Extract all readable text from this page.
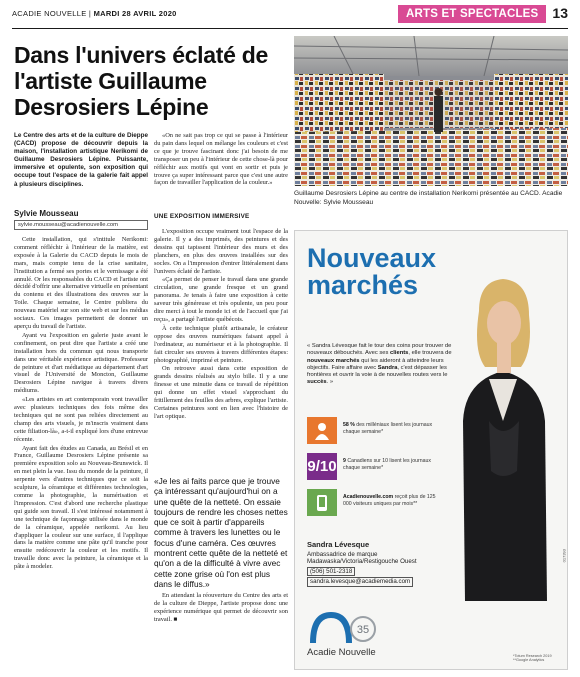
ACADIE NOUVELLE | MARDI 28 AVRIL 2020	ARTS ET SPECTACLES 13
Dans l'univers éclaté de l'artiste Guillaume Desrosiers Lépine
Guillaume Desrosiers Lépine au centre de installation Nerikomi présentée au CACD. Acadie Nouvelle: Sylvie Mousseau

Le Centre des arts et de la culture de Dieppe (CACD) propose de découvrir depuis la maison, l'installation artistique Nerikomi de Guillaume Desrosiers Lépine. Puissante, immersive et opulente, son exposition qui occupe tout l'espace de la galerie fait appel à plusieurs disciplines.

Sylvie Mousseau
sylvie.mousseau@acadienouvelle.com

Cette installation, qui s'intitule Nerikomi: comment réfléchir à l'intérieur de la matière, est exposée à la Galerie du CACD depuis le mois de mars, mais compte tenu de la crise sanitaire, l'institution a fermé ses portes et le vernissage a été annulé. Or les responsables du CACD et l'artiste ont décidé d'offrir une alternative virtuelle en présentant du contenu et des illustrations des œuvres sur la Toile. Chaque semaine, le Centre publiera du nouveau matériel sur son site web et sur les médias sociaux. Ces images permettent de donner un aperçu du travail de l'artiste.

Ayant vu l'exposition en galerie juste avant le confinement, on peut dire que l'artiste a créé une installation hors du commun qui nous transporte dans une véritable expérience artistique. Professeur de peinture et d'art médiatique au département d'art visuel de l'Université de Moncton, Guillaume Desrosiers Lépine navigue à travers divers médiums.

«Les artistes en art contemporain vont travailler avec plusieurs techniques des fois même des techniques qui ne sont pas reliées directement au champ des arts visuels, je m'inscris vraiment dans cette filiation-là», a-t-il expliqué lors d'une entrevue récente.

Ayant fait des études au Canada, au Brésil et en France, Guillaume Desrosiers Lépine présente sa première exposition solo au Nouveau-Brunswick. Il en met plein la vue. Issu du monde de la peinture, il serpente vers d'autres techniques que ce soit la sculpture, la céramique et différentes technologies, comme la photographie, la numérisation et l'impression. C'est d'abord une recherche plastique qui guide son travail. Il s'est intéressé notamment à une technique de façonnage utilisée dans le monde de la céramique, appelée nerikomi. Au lieu d'appliquer la couleur sur une surface, il l'applique dans la matière comme une pâte qu'il tranche pour ensuite redécouvrir la couleur et les motifs. Il travaille donc avec la peinture, la céramique et la pâte à modeler.

«On ne sait pas trop ce qui se passe à l'intérieur du pain dans lequel on mélange les couleurs et c'est ce que je trouve fascinant donc j'ai besoin de me transposer un peu à l'intérieur de cette chose-là pour réfléchir aux motifs qui vont en sortir et puis je trouve ça super intéressant parce que c'est une autre façon de travailler l'application de la couleur.»

UNE EXPOSITION IMMERSIVE

L'exposition occupe vraiment tout l'espace de la galerie. Il y a des imprimés, des peintures et des dessins qui tapissent l'intérieur des murs et des planchers, en plus des œuvres installées sur des socles. On a l'impression d'entrer littéralement dans l'univers éclaté de l'artiste.

«Ça permet de penser le travail dans une grande circulation, une grande fresque et un grand panorama. Je tenais à faire une exposition à cette saveur très généreuse et très opulente, un peu pour dire merci à tout le monde ici et de l'accueil que j'ai reçu», a partagé l'artiste québécois.

À cette technique plutôt artisanale, le créateur oppose des œuvres numériques faisant appel à l'ordinateur, au numériseur et à la photographie. Il fait circuler ses œuvres à travers différentes étapes: photographié, imprimé et peinture.

On retrouve aussi dans cette exposition de grands dessins réalisés au stylo bille. Il y a une finesse et une minutie dans ce travail de répétition qui donne un effet visuel s'approchant du fritillement des feuilles des arbres, explique l'artiste. Certaines peintures sont en lien avec l'histoire de l'art optique.

«Je les ai faits parce que je trouve ça intéressant qu'aujourd'hui on a une quête de la netteté. On essaie toujours de rendre les choses nettes que ce soit à partir d'appareils comme à travers les lunettes ou le focus d'une caméra. Ces œuvres montrent cette quête de la netteté et qu'on a de la difficulté à vivre avec cette zone grise où l'on est plus dans le diffus.»

En attendant la réouverture du Centre des arts et de la culture de Dieppe, l'artiste propose donc une expérience numérique qui permet de découvrir son travail. ■

Nouveaux marchés

« Sandra Lévesque fait le tour des coins pour trouver de nouveaux débouchés. Avec ses clients, elle trouvera de nouveaux marchés qui les aideront à atteindre leurs objectifs. Faire affaire avec Sandra, c'est dépasser les frontières et ouvrir la voie à de nouvelles routes vers le succès. »

58 % des milléniaux lisent les journaux chaque semaine*
9/10 9 Canadiens sur 10 lisent les journaux chaque semaine*
Acadienouvelle.com reçoit plus de 125 000 visiteurs uniques par mois**
Sandra Lévesque
Ambassadrice de marque
Madawaska/Victoria/Restigouche Ouest
(506) 501-2318
sandra.levesque@acadiemedia.com
35
Acadie Nouvelle
017393
*Totum Research 2019 **Google Analytics
